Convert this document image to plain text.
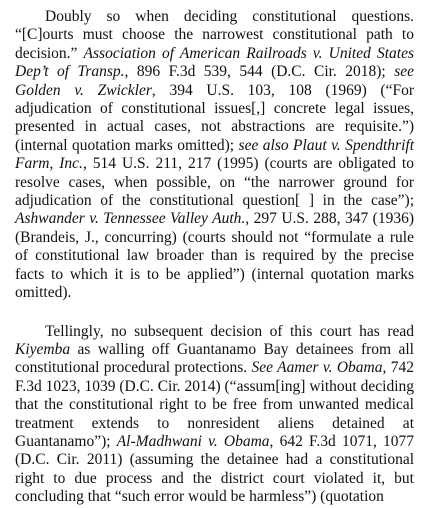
Doubly so when deciding constitutional questions. “[C]ourts must choose the narrowest constitutional path to decision.” Association of American Railroads v. United States Dep’t of Transp., 896 F.3d 539, 544 (D.C. Cir. 2018); see Golden v. Zwickler, 394 U.S. 103, 108 (1969) (“For adjudication of constitutional issues[,] concrete legal issues, presented in actual cases, not abstractions are requisite.”) (internal quotation marks omitted); see also Plaut v. Spendthrift Farm, Inc., 514 U.S. 211, 217 (1995) (courts are obligated to resolve cases, when possible, on “the narrower ground for adjudication of the constitutional question[ ] in the case”); Ashwander v. Tennessee Valley Auth., 297 U.S. 288, 347 (1936) (Brandeis, J., concurring) (courts should not “formulate a rule of constitutional law broader than is required by the precise facts to which it is to be applied”) (internal quotation marks omitted).

Tellingly, no subsequent decision of this court has read Kiyemba as walling off Guantanamo Bay detainees from all constitutional procedural protections. See Aamer v. Obama, 742 F.3d 1023, 1039 (D.C. Cir. 2014) (“assum[ing] without deciding that the constitutional right to be free from unwanted medical treatment extends to nonresident aliens detained at Guantanamo”); Al-Madhwani v. Obama, 642 F.3d 1071, 1077 (D.C. Cir. 2011) (assuming the detainee had a constitutional right to due process and the district court violated it, but concluding that “such error would be harmless”) (quotation
